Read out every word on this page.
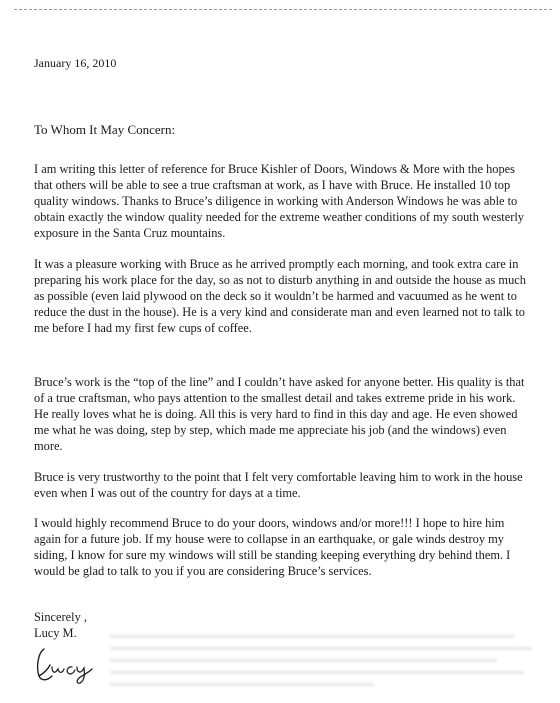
January 16, 2010
To Whom It May Concern:

I am writing this letter of reference for Bruce Kishler of Doors, Windows & More with the hopes that others will be able to see a true craftsman at work, as I have with Bruce. He installed 10 top quality windows. Thanks to Bruce’s diligence in working with Anderson Windows he was able to obtain exactly the window quality needed for the extreme weather conditions of my south westerly exposure in the Santa Cruz mountains.

It was a pleasure working with Bruce as he arrived promptly each morning, and took extra care in preparing his work place for the day, so as not to disturb anything in and outside the house as much as possible (even laid plywood on the deck so it wouldn’t be harmed and vacuumed as he went to reduce the dust in the house). He is a very kind and considerate man and even learned not to talk to me before I had my first few cups of coffee.

Bruce’s work is the “top of the line” and I couldn’t have asked for anyone better. His quality is that of a true craftsman, who pays attention to the smallest detail and takes extreme pride in his work. He really loves what he is doing. All this is very hard to find in this day and age. He even showed me what he was doing, step by step, which made me appreciate his job (and the windows) even more.

Bruce is very trustworthy to the point that I felt very comfortable leaving him to work in the house even when I was out of the country for days at a time.

I would highly recommend Bruce to do your doors, windows and/or more!!! I hope to hire him again for a future job. If my house were to collapse in an earthquake, or gale winds destroy my siding, I know for sure my windows will still be standing keeping everything dry behind them. I would be glad to talk to you if you are considering Bruce’s services.

Sincerely ,
Lucy M.
